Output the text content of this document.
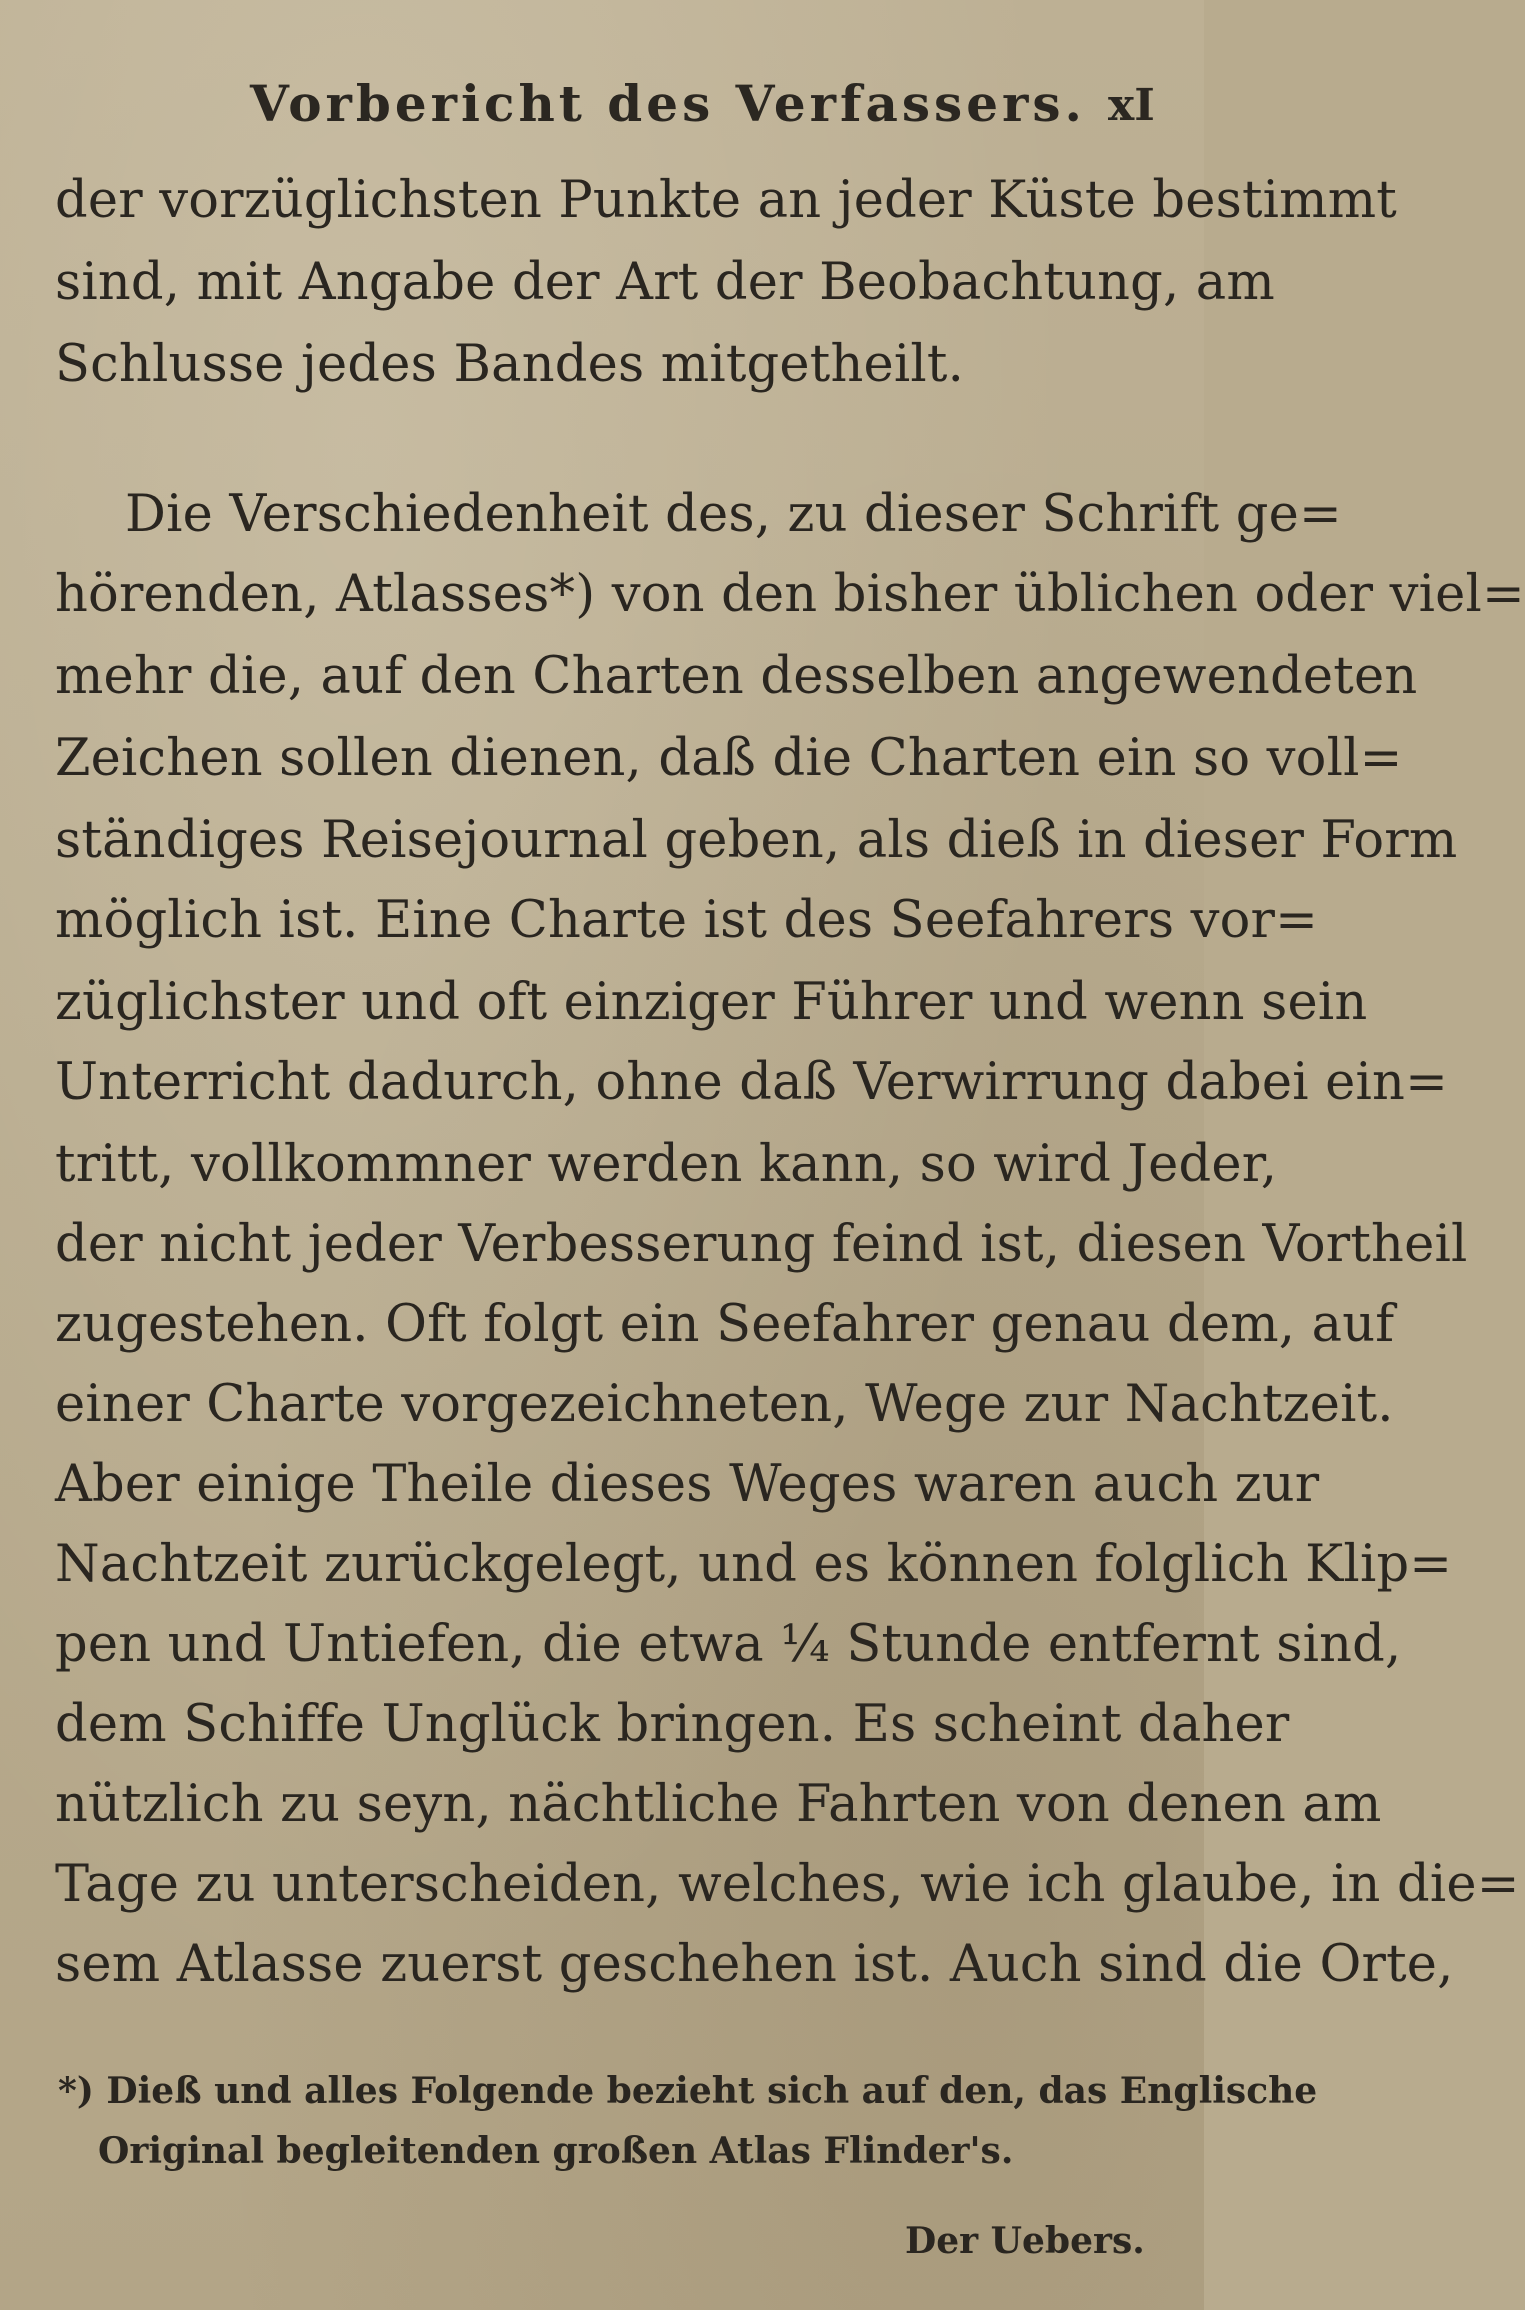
Vorbericht des Verfassers. xI
der vorzüglichsten Punkte an jeder Küste bestimmt
sind, mit Angabe der Art der Beobachtung, am
Schlusse jedes Bandes mitgetheilt.
Die Verschiedenheit des, zu dieser Schrift ge=
hörenden, Atlasses*) von den bisher üblichen oder viel=
mehr die, auf den Charten desselben angewendeten
Zeichen sollen dienen, daß die Charten ein so voll=
ständiges Reisejournal geben, als dieß in dieser Form
möglich ist. Eine Charte ist des Seefahrers vor=
züglichster und oft einziger Führer und wenn sein
Unterricht dadurch, ohne daß Verwirrung dabei ein=
tritt, vollkommner werden kann, so wird Jeder,
der nicht jeder Verbesserung feind ist, diesen Vortheil
zugestehen. Oft folgt ein Seefahrer genau dem, auf
einer Charte vorgezeichneten, Wege zur Nachtzeit.
Aber einige Theile dieses Weges waren auch zur
Nachtzeit zurückgelegt, und es können folglich Klip=
pen und Untiefen, die etwa ¼ Stunde entfernt sind,
dem Schiffe Unglück bringen. Es scheint daher
nützlich zu seyn, nächtliche Fahrten von denen am
Tage zu unterscheiden, welches, wie ich glaube, in die=
sem Atlasse zuerst geschehen ist. Auch sind die Orte,
*) Dieß und alles Folgende bezieht sich auf den, das Englische
Original begleitenden großen Atlas Flinder's.
Der Uebers.
